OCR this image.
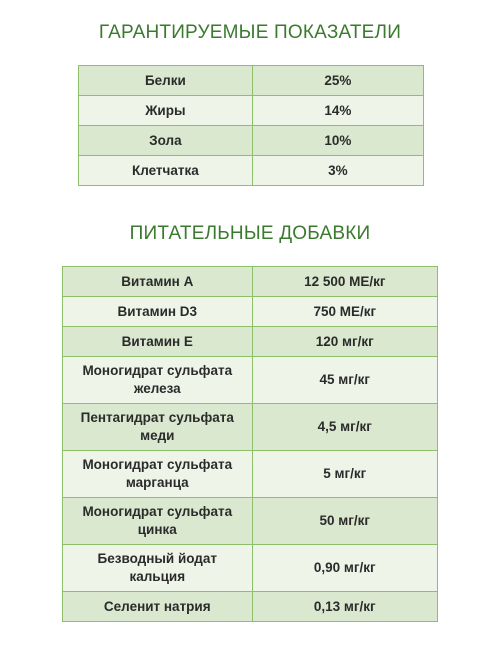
ГАРАНТИРУЕМЫЕ ПОКАЗАТЕЛИ
Белки	25%
Жиры	14%
Зола	10%
Клетчатка	3%
ПИТАТЕЛЬНЫЕ ДОБАВКИ
Витамин А	12 500 МЕ/кг
Витамин D3	750 МЕ/кг
Витамин Е	120 мг/кг
Моногидрат сульфата
железа	45 мг/кг
Пентагидрат сульфата
меди	4,5 мг/кг
Моногидрат сульфата
марганца	5 мг/кг
Моногидрат сульфата
цинка	50 мг/кг
Безводный йодат
кальция	0,90 мг/кг
Селенит натрия	0,13 мг/кг
